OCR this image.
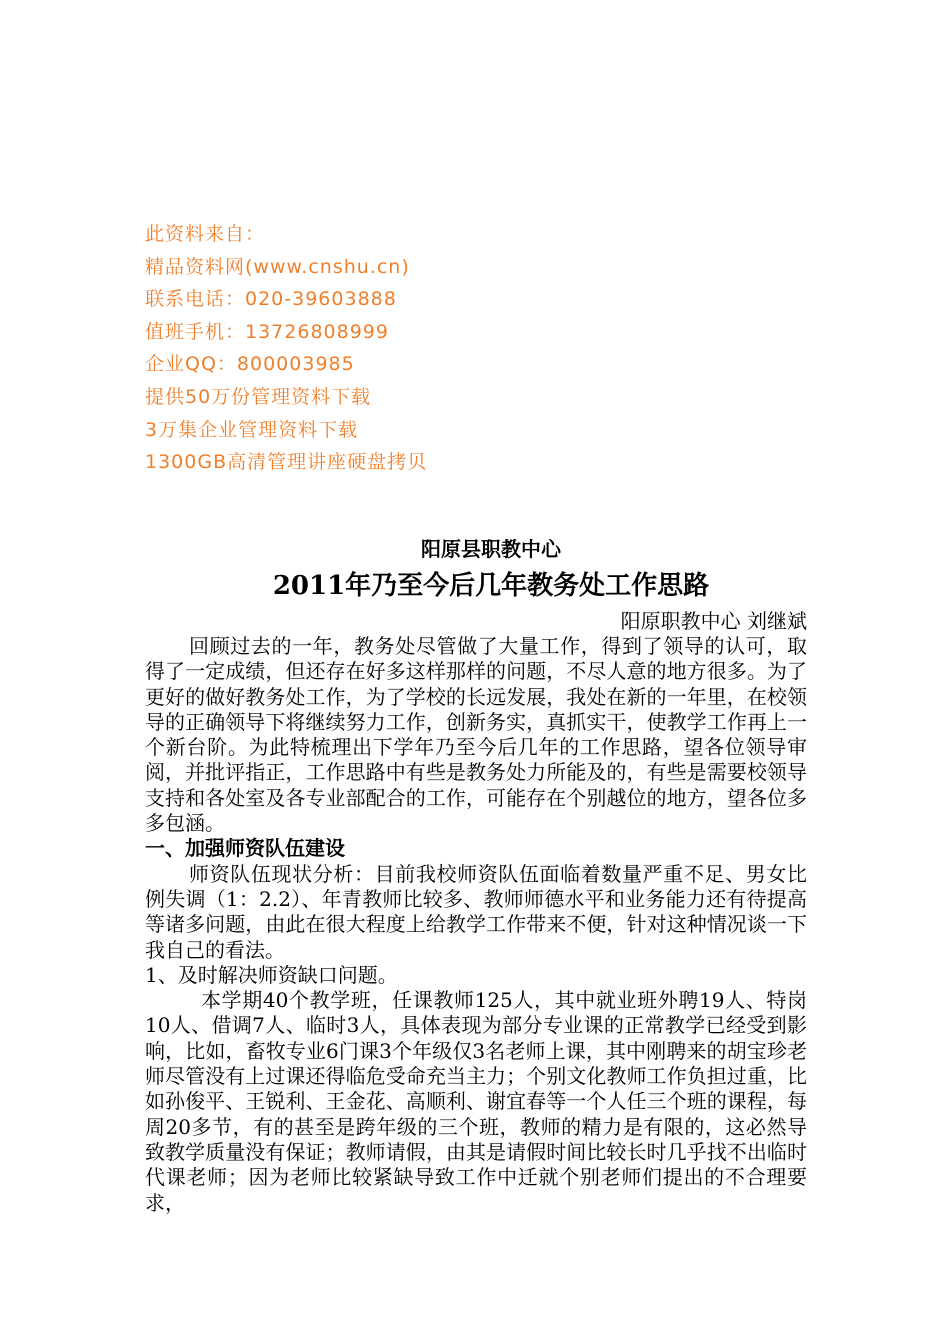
此资料来自：
精品资料网(www.cnshu.cn)
联系电话：020-39603888
值班手机：13726808999
企业QQ：800003985
提供50万份管理资料下载
3万集企业管理资料下载
1300GB高清管理讲座硬盘拷贝
阳原县职教中心
2011年乃至今后几年教务处工作思路
阳原职教中心 刘继斌
回顾过去的一年，教务处尽管做了大量工作，得到了领导的认可，取得了一定成绩，但还存在好多这样那样的问题，不尽人意的地方很多。为了更好的做好教务处工作，为了学校的长远发展，我处在新的一年里，在校领导的正确领导下将继续努力工作，创新务实，真抓实干，使教学工作再上一个新台阶。为此特梳理出下学年乃至今后几年的工作思路，望各位领导审阅，并批评指正，工作思路中有些是教务处力所能及的，有些是需要校领导支持和各处室及各专业部配合的工作，可能存在个别越位的地方，望各位多多包涵。
一、加强师资队伍建设
师资队伍现状分析：目前我校师资队伍面临着数量严重不足、男女比例失调（1：2.2）、年青教师比较多、教师师德水平和业务能力还有待提高等诸多问题，由此在很大程度上给教学工作带来不便，针对这种情况谈一下我自己的看法。
1、及时解决师资缺口问题。
本学期40个教学班，任课教师125人，其中就业班外聘19人、特岗10人、借调7人、临时3人，具体表现为部分专业课的正常教学已经受到影响，比如，畜牧专业6门课3个年级仅3名老师上课，其中刚聘来的胡宝珍老师尽管没有上过课还得临危受命充当主力；个别文化教师工作负担过重，比如孙俊平、王锐利、王金花、高顺利、谢宜春等一个人任三个班的课程，每周20多节，有的甚至是跨年级的三个班，教师的精力是有限的，这必然导致教学质量没有保证；教师请假，由其是请假时间比较长时几乎找不出临时代课老师；因为老师比较紧缺导致工作中迁就个别老师们提出的不合理要求，
